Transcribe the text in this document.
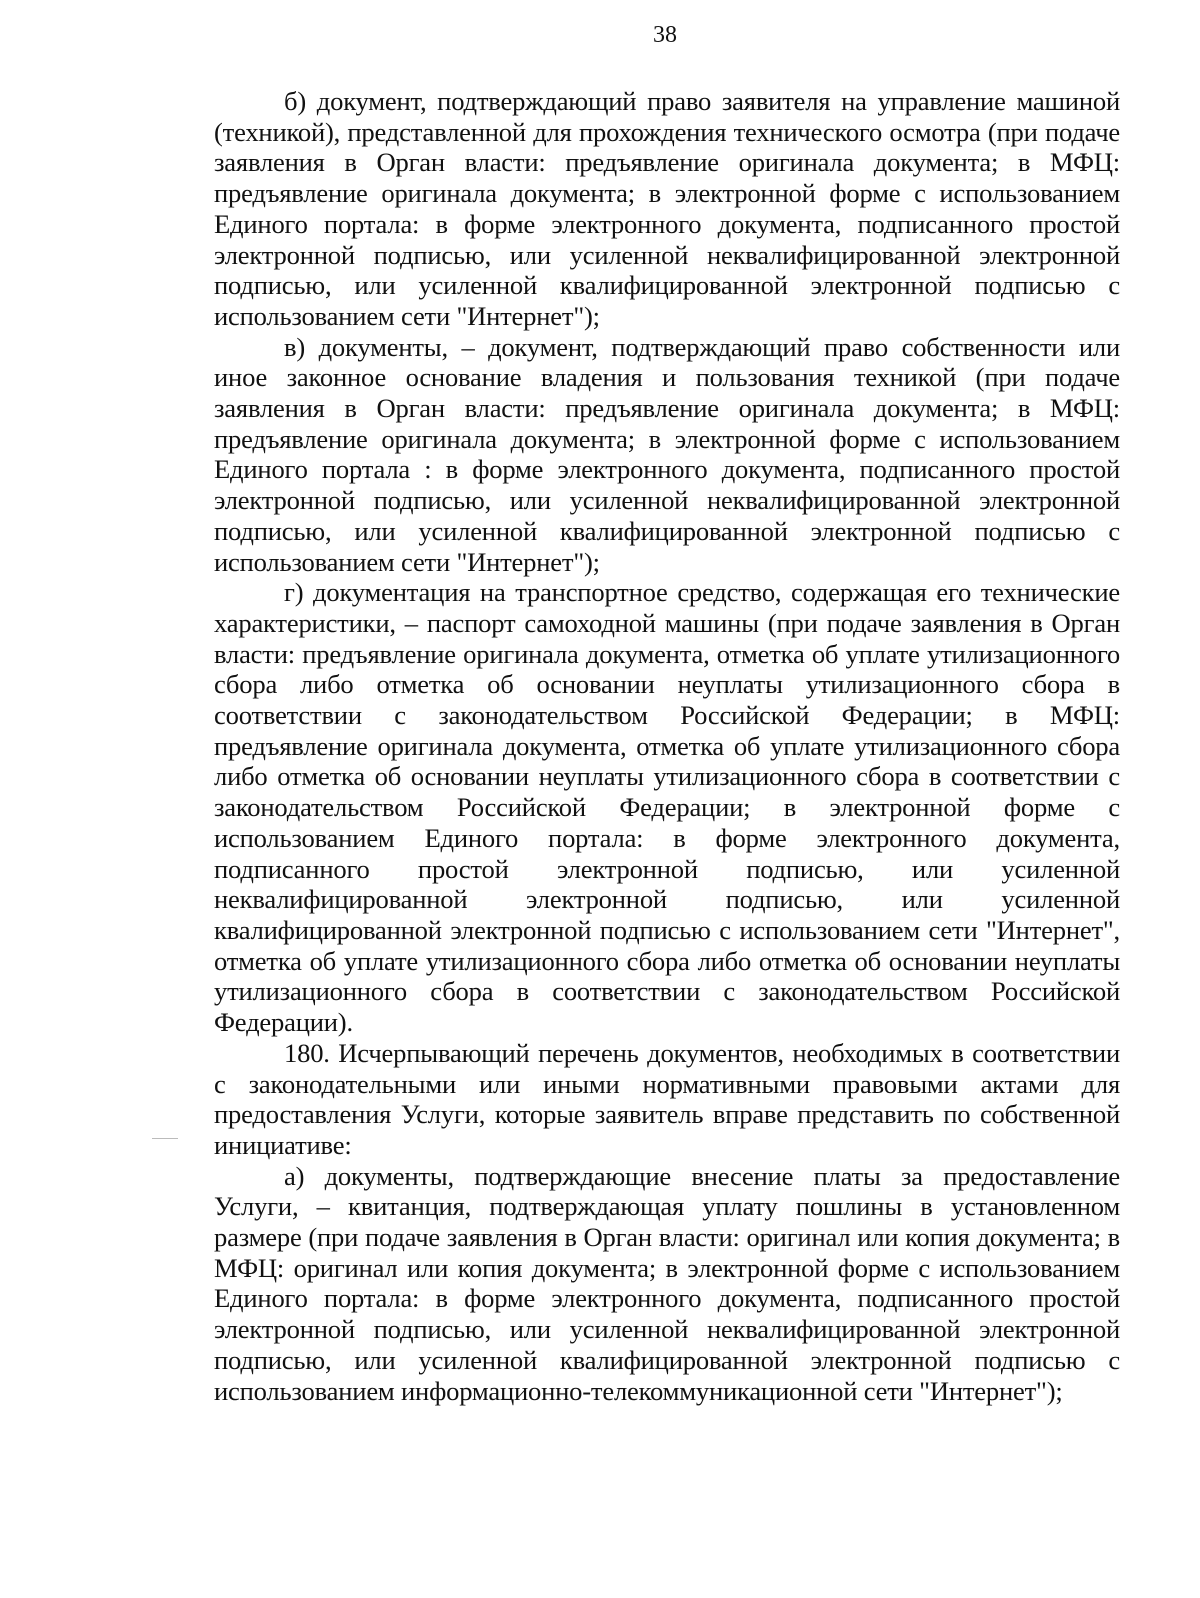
38

б) документ, подтверждающий право заявителя на управление машиной (техникой), представленной для прохождения технического осмотра (при подаче заявления в Орган власти: предъявление оригинала документа; в МФЦ: предъявление оригинала документа; в электронной форме с использованием Единого портала: в форме электронного документа, подписанного простой электронной подписью, или усиленной неквалифицированной электронной подписью, или усиленной квалифицированной электронной подписью с использованием сети "Интернет");

в) документы, – документ, подтверждающий право собственности или иное законное основание владения и пользования техникой (при подаче заявления в Орган власти: предъявление оригинала документа; в МФЦ: предъявление оригинала документа; в электронной форме с использованием Единого портала : в форме электронного документа, подписанного простой электронной подписью, или усиленной неквалифицированной электронной подписью, или усиленной квалифицированной электронной подписью с использованием сети "Интернет");

г) документация на транспортное средство, содержащая его технические характеристики, – паспорт самоходной машины (при подаче заявления в Орган власти: предъявление оригинала документа, отметка об уплате утилизационного сбора либо отметка об основании неуплаты утилизационного сбора в соответствии с законодательством Российской Федерации; в МФЦ: предъявление оригинала документа, отметка об уплате утилизационного сбора либо отметка об основании неуплаты утилизационного сбора в соответствии с законодательством Российской Федерации; в электронной форме с использованием Единого портала: в форме электронного документа, подписанного простой электронной подписью, или усиленной неквалифицированной электронной подписью, или усиленной квалифицированной электронной подписью с использованием сети "Интернет", отметка об уплате утилизационного сбора либо отметка об основании неуплаты утилизационного сбора в соответствии с законодательством Российской Федерации).

180. Исчерпывающий перечень документов, необходимых в соответствии с законодательными или иными нормативными правовыми актами для предоставления Услуги, которые заявитель вправе представить по собственной инициативе:

а) документы, подтверждающие внесение платы за предоставление Услуги, – квитанция, подтверждающая уплату пошлины в установленном размере (при подаче заявления в Орган власти: оригинал или копия документа; в МФЦ: оригинал или копия документа; в электронной форме с использованием Единого портала: в форме электронного документа, подписанного простой электронной подписью, или усиленной неквалифицированной электронной подписью, или усиленной квалифицированной электронной подписью с использованием информационно-телекоммуникационной сети "Интернет");
